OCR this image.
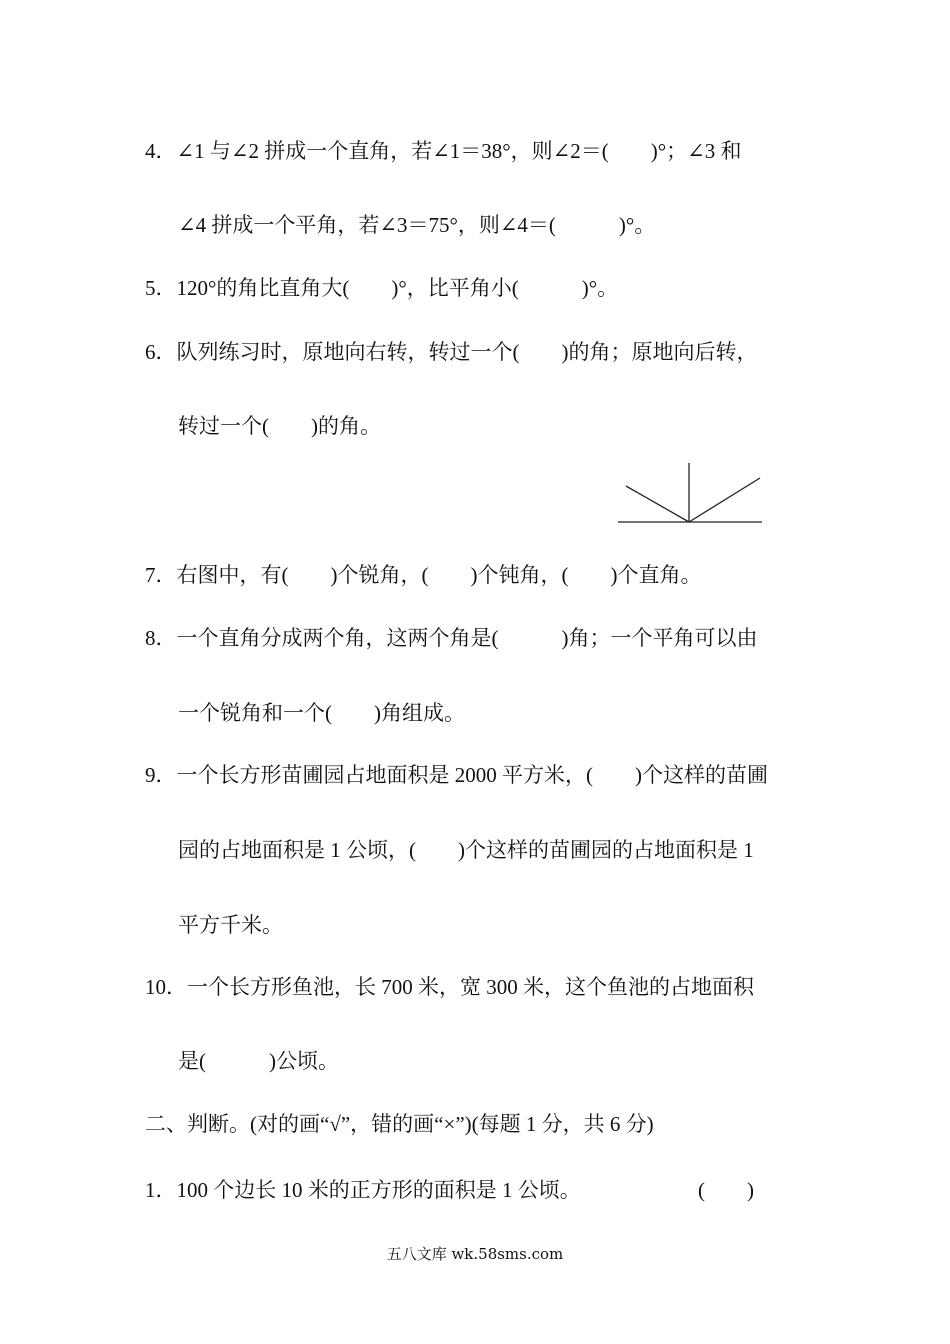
4．∠1 与∠2 拼成一个直角，若∠1＝38°，则∠2＝(        )°；∠3 和
∠4 拼成一个平角，若∠3＝75°，则∠4＝(            )°。
5．120°的角比直角大(        )°，比平角小(            )°。
6．队列练习时，原地向右转，转过一个(        )的角；原地向后转，
转过一个(        )的角。
7．右图中，有(        )个锐角，(        )个钝角，(        )个直角。
8．一个直角分成两个角，这两个角是(            )角；一个平角可以由
一个锐角和一个(        )角组成。
9．一个长方形苗圃园占地面积是 2000 平方米，(        )个这样的苗圃
园的占地面积是 1 公顷，(        )个这样的苗圃园的占地面积是 1
平方千米。
10．一个长方形鱼池，长 700 米，宽 300 米，这个鱼池的占地面积
是(            )公顷。
二、判断。(对的画“√”，错的画“×”)(每题 1 分，共 6 分)
1．100 个边长 10 米的正方形的面积是 1 公顷。	(        )
五八文库 wk.58sms.com
